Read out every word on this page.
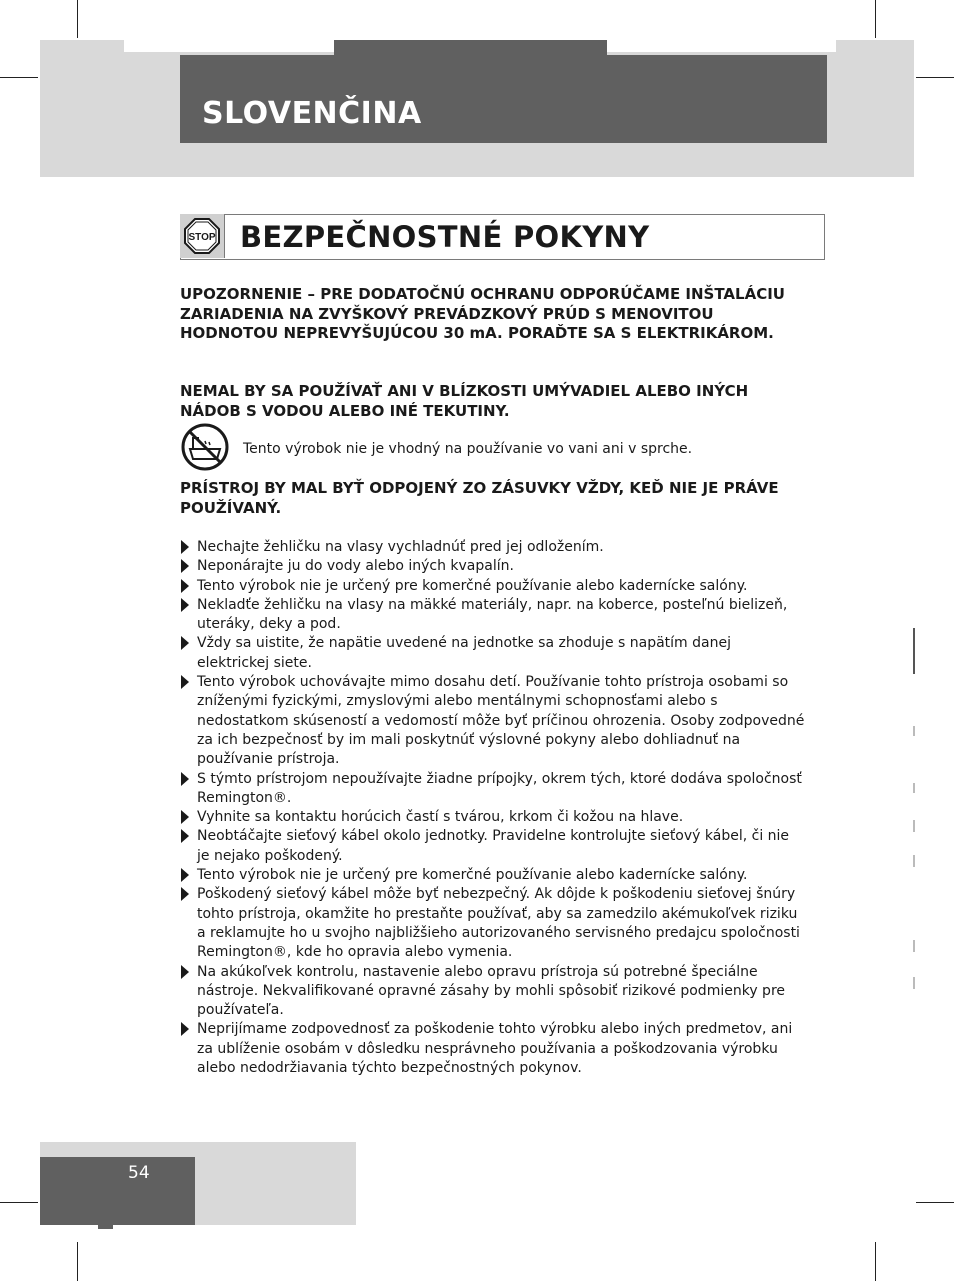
SLOVENČINA
STOP BEZPEČNOSTNÉ POKYNY

UPOZORNENIE – PRE DODATOČNÚ OCHRANU ODPORÚČAME INŠTALÁCIU ZARIADENIA NA ZVYŠKOVÝ PREVÁDZKOVÝ PRÚD S MENOVITOU HODNOTOU NEPREVYŠUJÚCOU 30 mA. PORAĎTE SA S ELEKTRIKÁROM.

NEMAL BY SA POUŽÍVAŤ ANI V BLÍZKOSTI UMÝVADIEL ALEBO INÝCH NÁDOB S VODOU ALEBO INÉ TEKUTINY.

Tento výrobok nie je vhodný na používanie vo vani ani v sprche.

PRÍSTROJ BY MAL BYŤ ODPOJENÝ ZO ZÁSUVKY VŽDY, KEĎ NIE JE PRÁVE POUŽÍVANÝ.

Nechajte žehličku na vlasy vychladnúť pred jej odložením.
Neponárajte ju do vody alebo iných kvapalín.
Tento výrobok nie je určený pre komerčné používanie alebo kadernícke salóny.
Nekladťe žehličku na vlasy na mäkké materiály, napr. na koberce, posteľnú bielizeň, uteráky, deky a pod.
Vždy sa uistite, že napätie uvedené na jednotke sa zhoduje s napätím danej elektrickej siete.
Tento výrobok uchovávajte mimo dosahu detí. Používanie tohto prístroja osobami so zníženými fyzickými, zmyslovými alebo mentálnymi schopnosťami alebo s nedostatkom skúseností a vedomostí môže byť príčinou ohrozenia. Osoby zodpovedné za ich bezpečnosť by im mali poskytnúť výslovné pokyny alebo dohliadnuť na používanie prístroja.
S týmto prístrojom nepoužívajte žiadne prípojky, okrem tých, ktoré dodáva spoločnosť Remington®.
Vyhnite sa kontaktu horúcich častí s tvárou, krkom či kožou na hlave.
Neobtáčajte sieťový kábel okolo jednotky. Pravidelne kontrolujte sieťový kábel, či nie je nejako poškodený.
Tento výrobok nie je určený pre komerčné používanie alebo kadernícke salóny.
Poškodený sieťový kábel môže byť nebezpečný. Ak dôjde k poškodeniu sieťovej šnúry tohto prístroja, okamžite ho prestaňte používať, aby sa zamedzilo akémukoľvek riziku a reklamujte ho u svojho najbližšieho autorizovaného servisného predajcu spoločnosti Remington®, kde ho opravia alebo vymenia.
Na akúkoľvek kontrolu, nastavenie alebo opravu prístroja sú potrebné špeciálne nástroje. Nekvalifikované opravné zásahy by mohli spôsobiť rizikové podmienky pre používateľa.
Neprijímame zodpovednosť za poškodenie tohto výrobku alebo iných predmetov, ani za ublíženie osobám v dôsledku nesprávneho používania a poškodzovania výrobku alebo nedodržiavania týchto bezpečnostných pokynov.
54
